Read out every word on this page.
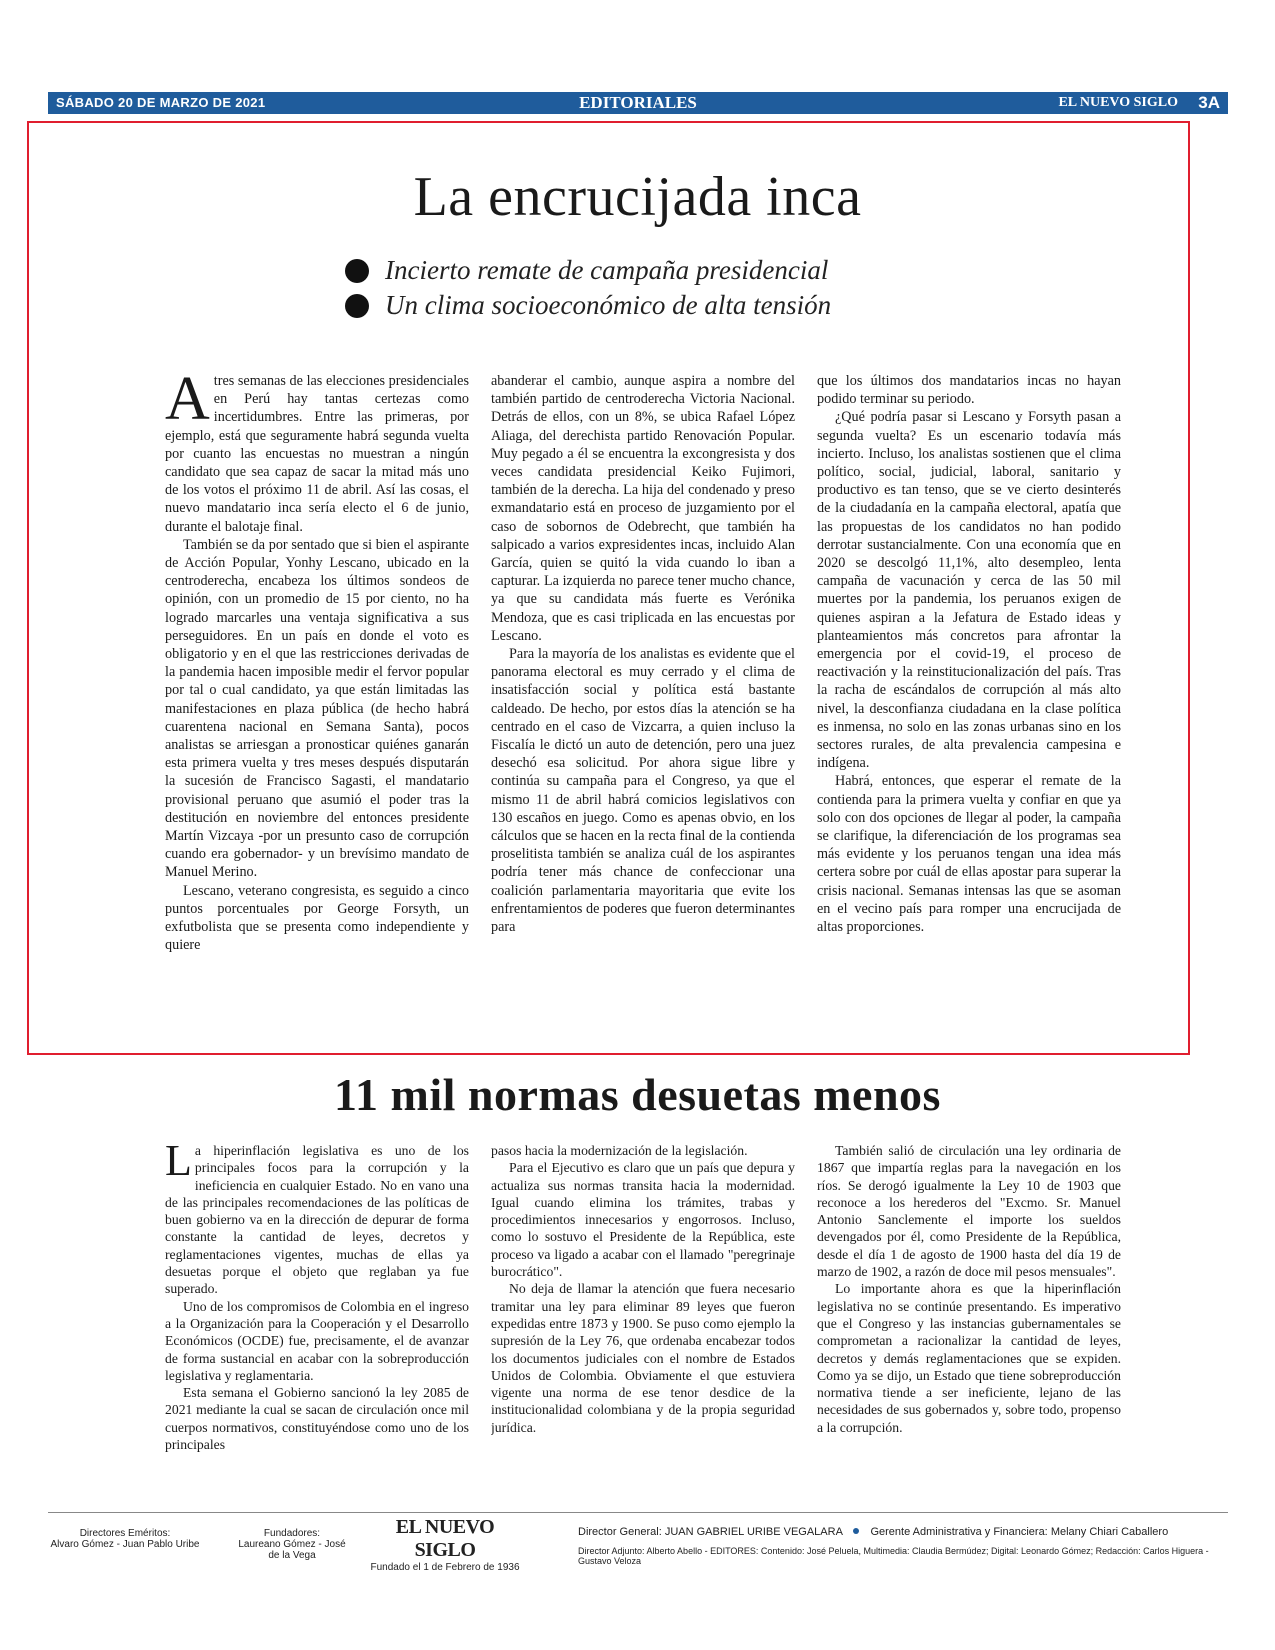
SÁBADO 20 DE MARZO DE 2021	EDITORIALES	EL NUEVO SIGLO 3A
La encrucijada inca
Incierto remate de campaña presidencial
Un clima socioeconómico de alta tensión

Atres semanas de las elecciones presidenciales en Perú hay tantas certezas como incertidumbres. Entre las primeras, por ejemplo, está que seguramente habrá segunda vuelta por cuanto las encuestas no muestran a ningún candidato que sea capaz de sacar la mitad más uno de los votos el próximo 11 de abril. Así las cosas, el nuevo mandatario inca sería electo el 6 de junio, durante el balotaje final.

También se da por sentado que si bien el aspirante de Acción Popular, Yonhy Lescano, ubicado en la centroderecha, encabeza los últimos sondeos de opinión, con un promedio de 15 por ciento, no ha logrado marcarles una ventaja significativa a sus perseguidores. En un país en donde el voto es obligatorio y en el que las restricciones derivadas de la pandemia hacen imposible medir el fervor popular por tal o cual candidato, ya que están limitadas las manifestaciones en plaza pública (de hecho habrá cuarentena nacional en Semana Santa), pocos analistas se arriesgan a pronosticar quiénes ganarán esta primera vuelta y tres meses después disputarán la sucesión de Francisco Sagasti, el mandatario provisional peruano que asumió el poder tras la destitución en noviembre del entonces presidente Martín Vizcaya -por un presunto caso de corrupción cuando era gobernador- y un brevísimo mandato de Manuel Merino.

Lescano, veterano congresista, es seguido a cinco puntos porcentuales por George Forsyth, un exfutbolista que se presenta como independiente y quiere

abanderar el cambio, aunque aspira a nombre del también partido de centroderecha Victoria Nacional. Detrás de ellos, con un 8%, se ubica Rafael López Aliaga, del derechista partido Renovación Popular. Muy pegado a él se encuentra la excongresista y dos veces candidata presidencial Keiko Fujimori, también de la derecha. La hija del condenado y preso exmandatario está en proceso de juzgamiento por el caso de sobornos de Odebrecht, que también ha salpicado a varios expresidentes incas, incluido Alan García, quien se quitó la vida cuando lo iban a capturar. La izquierda no parece tener mucho chance, ya que su candidata más fuerte es Verónika Mendoza, que es casi triplicada en las encuestas por Lescano.

Para la mayoría de los analistas es evidente que el panorama electoral es muy cerrado y el clima de insatisfacción social y política está bastante caldeado. De hecho, por estos días la atención se ha centrado en el caso de Vizcarra, a quien incluso la Fiscalía le dictó un auto de detención, pero una juez desechó esa solicitud. Por ahora sigue libre y continúa su campaña para el Congreso, ya que el mismo 11 de abril habrá comicios legislativos con 130 escaños en juego. Como es apenas obvio, en los cálculos que se hacen en la recta final de la contienda proselitista también se analiza cuál de los aspirantes podría tener más chance de confeccionar una coalición parlamentaria mayoritaria que evite los enfrentamientos de poderes que fueron determinantes para

que los últimos dos mandatarios incas no hayan podido terminar su periodo.

¿Qué podría pasar si Lescano y Forsyth pasan a segunda vuelta? Es un escenario todavía más incierto. Incluso, los analistas sostienen que el clima político, social, judicial, laboral, sanitario y productivo es tan tenso, que se ve cierto desinterés de la ciudadanía en la campaña electoral, apatía que las propuestas de los candidatos no han podido derrotar sustancialmente. Con una economía que en 2020 se descolgó 11,1%, alto desempleo, lenta campaña de vacunación y cerca de las 50 mil muertes por la pandemia, los peruanos exigen de quienes aspiran a la Jefatura de Estado ideas y planteamientos más concretos para afrontar la emergencia por el covid-19, el proceso de reactivación y la reinstitucionalización del país. Tras la racha de escándalos de corrupción al más alto nivel, la desconfianza ciudadana en la clase política es inmensa, no solo en las zonas urbanas sino en los sectores rurales, de alta prevalencia campesina e indígena.

Habrá, entonces, que esperar el remate de la contienda para la primera vuelta y confiar en que ya solo con dos opciones de llegar al poder, la campaña se clarifique, la diferenciación de los programas sea más evidente y los peruanos tengan una idea más certera sobre por cuál de ellas apostar para superar la crisis nacional. Semanas intensas las que se asoman en el vecino país para romper una encrucijada de altas proporciones.

11 mil normas desuetas menos

La hiperinflación legislativa es uno de los principales focos para la corrupción y la ineficiencia en cualquier Estado. No en vano una de las principales recomendaciones de las políticas de buen gobierno va en la dirección de depurar de forma constante la cantidad de leyes, decretos y reglamentaciones vigentes, muchas de ellas ya desuetas porque el objeto que reglaban ya fue superado.

Uno de los compromisos de Colombia en el ingreso a la Organización para la Cooperación y el Desarrollo Económicos (OCDE) fue, precisamente, el de avanzar de forma sustancial en acabar con la sobreproducción legislativa y reglamentaria.

Esta semana el Gobierno sancionó la ley 2085 de 2021 mediante la cual se sacan de circulación once mil cuerpos normativos, constituyéndose como uno de los principales

pasos hacia la modernización de la legislación.

Para el Ejecutivo es claro que un país que depura y actualiza sus normas transita hacia la modernidad. Igual cuando elimina los trámites, trabas y procedimientos innecesarios y engorrosos. Incluso, como lo sostuvo el Presidente de la República, este proceso va ligado a acabar con el llamado "peregrinaje burocrático".

No deja de llamar la atención que fuera necesario tramitar una ley para eliminar 89 leyes que fueron expedidas entre 1873 y 1900. Se puso como ejemplo la supresión de la Ley 76, que ordenaba encabezar todos los documentos judiciales con el nombre de Estados Unidos de Colombia. Obviamente el que estuviera vigente una norma de ese tenor desdice de la institucionalidad colombiana y de la propia seguridad jurídica.

También salió de circulación una ley ordinaria de 1867 que impartía reglas para la navegación en los ríos. Se derogó igualmente la Ley 10 de 1903 que reconoce a los herederos del "Excmo. Sr. Manuel Antonio Sanclemente el importe los sueldos devengados por él, como Presidente de la República, desde el día 1 de agosto de 1900 hasta del día 19 de marzo de 1902, a razón de doce mil pesos mensuales".

Lo importante ahora es que la hiperinflación legislativa no se continúe presentando. Es imperativo que el Congreso y las instancias gubernamentales se comprometan a racionalizar la cantidad de leyes, decretos y demás reglamentaciones que se expiden. Como ya se dijo, un Estado que tiene sobreproducción normativa tiende a ser ineficiente, lejano de las necesidades de sus gobernados y, sobre todo, propenso a la corrupción.

Directores Eméritos:
Alvaro Gómez - Juan Pablo Uribe
Fundadores:
Laureano Gómez - José de la Vega
EL NUEVO SIGLO
Fundado el 1 de Febrero de 1936
Director General: JUAN GABRIEL URIBE VEGALARA	Gerente Administrativa y Financiera: Melany Chiari Caballero
Director Adjunto: Alberto Abello - EDITORES: Contenido: José Peluela, Multimedia: Claudia Bermúdez; Digital: Leonardo Gómez; Redacción: Carlos Higuera - Gustavo Veloza
